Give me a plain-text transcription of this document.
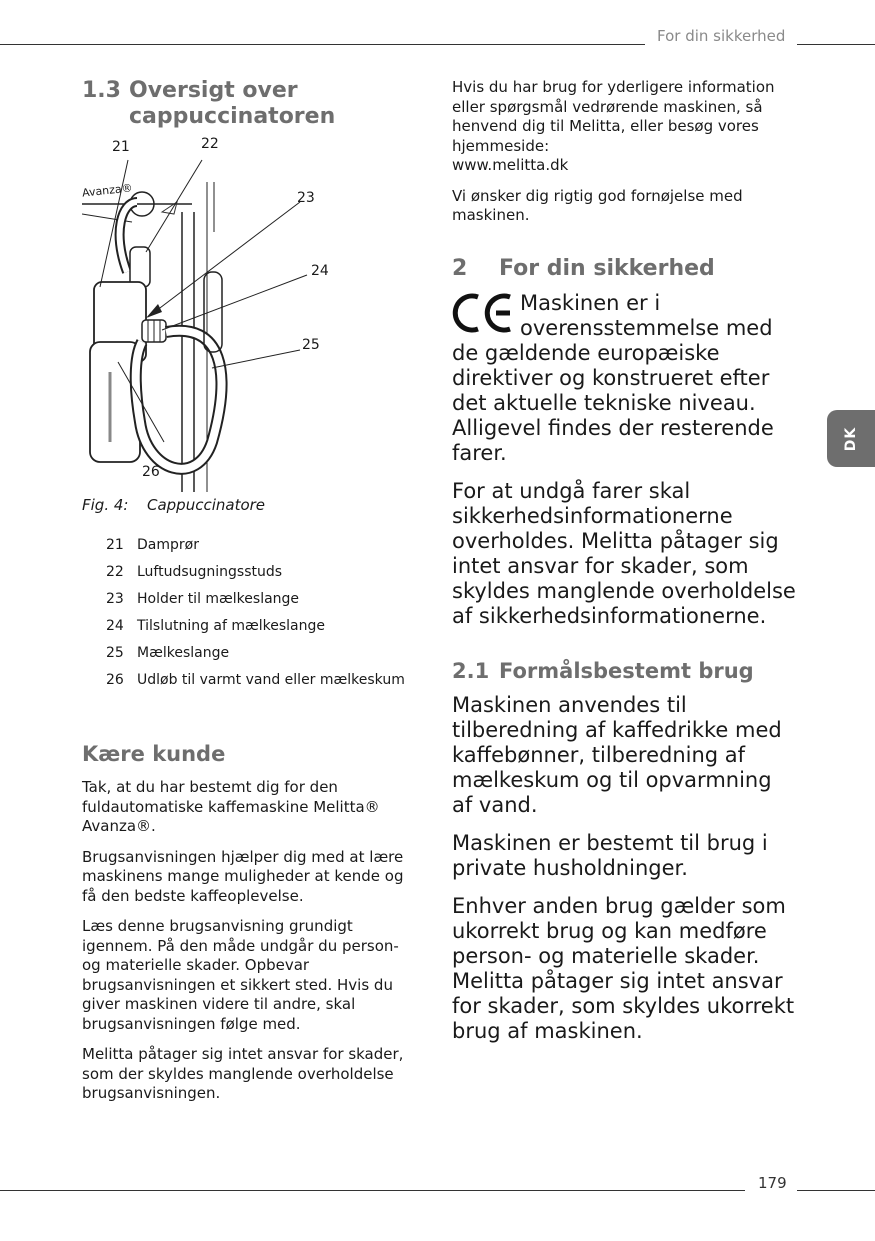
For din sikkerhed
DK
1.3 Oversigt over cappuccinatoren
Avanza®
21	22
23
24
25
26
Fig. 4:	Cappuccinatore
21 Damprør
22 Luftudsugningsstuds
23 Holder til mælkeslange
24 Tilslutning af mælkeslange
25 Mælkeslange
26 Udløb til varmt vand eller mælkeskum
Kære kunde

Tak, at du har bestemt dig for den fuldautomatiske kaffemaskine Melitta® Avanza®.

Brugsanvisningen hjælper dig med at lære maskinens mange muligheder at kende og få den bedste kaffeoplevelse.

Læs denne brugsanvisning grundigt igennem. På den måde undgår du person- og materielle skader. Opbevar brugsanvisningen et sikkert sted. Hvis du giver maskinen videre til andre, skal brugsanvisningen følge med.

Melitta påtager sig intet ansvar for skader, som der skyldes manglende overholdelse brugsanvisningen.

Hvis du har brug for yderligere information eller spørgsmål vedrørende maskinen, så henvend dig til Melitta, eller besøg vores hjemmeside:

www.melitta.dk

Vi ønsker dig rigtig god fornøjelse med maskinen.

2	For din sikkerhed

Maskinen er i overensstemmelse med de gældende europæiske direktiver og konstrueret efter det aktuelle tekniske niveau. Alligevel findes der resterende farer.

For at undgå farer skal sikkerhedsinformationerne overholdes. Melitta påtager sig intet ansvar for skader, som skyldes manglende overholdelse af sikkerhedsinformationerne.

2.1 Formålsbestemt brug

Maskinen anvendes til tilberedning af kaffedrikke med kaffebønner, tilberedning af mælkeskum og til opvarmning af vand.

Maskinen er bestemt til brug i private husholdninger.

Enhver anden brug gælder som ukorrekt brug og kan medføre person- og materielle skader. Melitta påtager sig intet ansvar for skader, som skyldes ukorrekt brug af maskinen.

179
